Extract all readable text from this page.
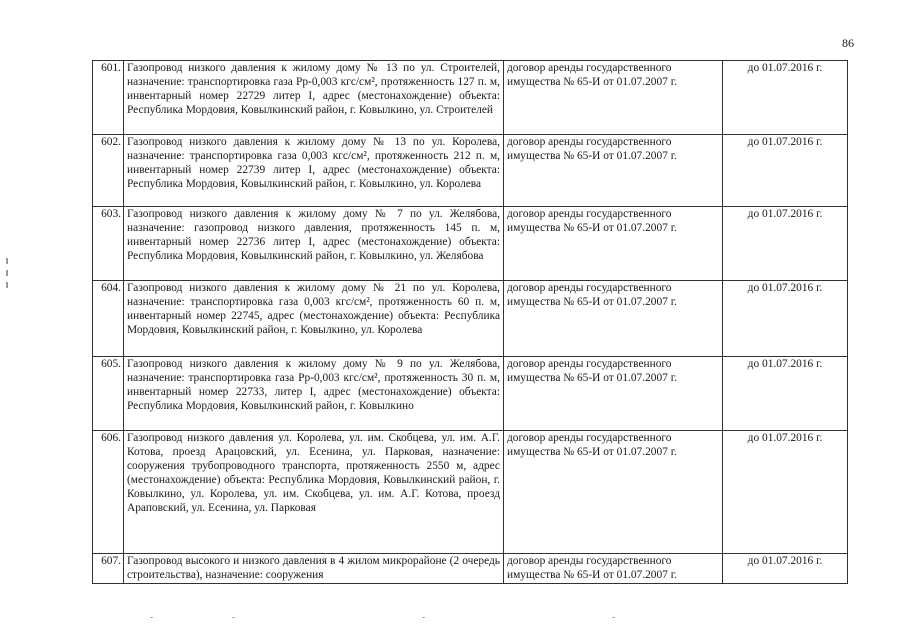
86
601.	Газопровод низкого давления к жилому дому № 13 по ул. Строителей, назначение: транспортировка газа Рр-0,003 кгс/см², протяженность 127 п. м, инвентарный номер 22729 литер I, адрес (местонахождение) объекта: Республика Мордовия, Ковылкинский район, г. Ковылкино, ул. Строителей	договор аренды государственного имущества № 65-И от 01.07.2007 г.	до 01.07.2016 г.
602.	Газопровод низкого давления к жилому дому № 13 по ул. Королева, назначение: транспортировка газа 0,003 кгс/см², протяженность 212 п. м, инвентарный номер 22739 литер I, адрес (местонахождение) объекта: Республика Мордовия, Ковылкинский район, г. Ковылкино, ул. Королева	договор аренды государственного имущества № 65-И от 01.07.2007 г.	до 01.07.2016 г.
603.	Газопровод низкого давления к жилому дому № 7 по ул. Желябова, назначение: газопровод низкого давления, протяженность 145 п. м, инвентарный номер 22736 литер I, адрес (местонахождение) объекта: Республика Мордовия, Ковылкинский район, г. Ковылкино, ул. Желябова	договор аренды государственного имущества № 65-И от 01.07.2007 г.	до 01.07.2016 г.
604.	Газопровод низкого давления к жилому дому № 21 по ул. Королева, назначение: транспортировка газа 0,003 кгс/см², протяженность 60 п. м, инвентарный номер 22745, адрес (местонахождение) объекта: Республика Мордовия, Ковылкинский район, г. Ковылкино, ул. Королева	договор аренды государственного имущества № 65-И от 01.07.2007 г.	до 01.07.2016 г.
605.	Газопровод низкого давления к жилому дому № 9 по ул. Желябова, назначение: транспортировка газа Рр-0,003 кгс/см², протяженность 30 п. м, инвентарный номер 22733, литер I, адрес (местонахождение) объекта: Республика Мордовия, Ковылкинский район, г. Ковылкино	договор аренды государственного имущества № 65-И от 01.07.2007 г.	до 01.07.2016 г.
606.	Газопровод низкого давления ул. Королева, ул. им. Скобцева, ул. им. А.Г. Котова, проезд Арацовский, ул. Есенина, ул. Парковая, назначение: сооружения трубопроводного транспорта, протяженность 2550 м, адрес (местонахождение) объекта: Республика Мордовия, Ковылкинский район, г. Ковылкино, ул. Королева, ул. им. Скобцева, ул. им. А.Г. Котова, проезд Араповский, ул. Есенина, ул. Парковая	договор аренды государственного имущества № 65-И от 01.07.2007 г.	до 01.07.2016 г.
607.	Газопровод высокого и низкого давления в 4 жилом микрорайоне (2 очередь строительства), назначение: сооружения	договор аренды государственного имущества № 65-И от 01.07.2007 г.	до 01.07.2016 г.
